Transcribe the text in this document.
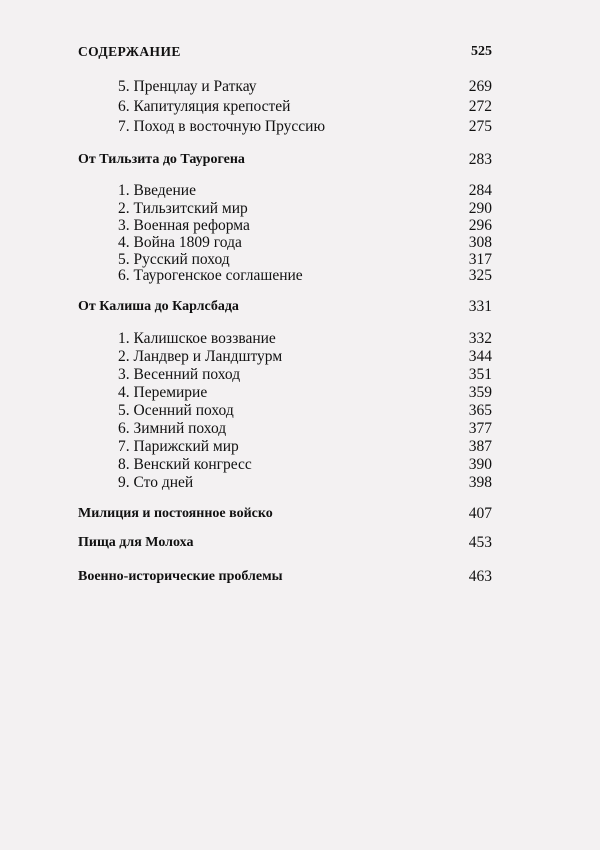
СОДЕРЖАНИЕ	525
5. Пренцлау и Раткау	269
6. Капитуляция крепостей	272
7. Поход в восточную Пруссию	275
От Тильзита до Таурогена	283
1. Введение	284
2. Тильзитский мир	290
3. Военная реформа	296
4. Война 1809 года	308
5. Русский поход	317
6. Таурогенское соглашение	325
От Калиша до Карлсбада	331
1. Калишское воззвание	332
2. Ландвер и Ландштурм	344
3. Весенний поход	351
4. Перемирие	359
5. Осенний поход	365
6. Зимний поход	377
7. Парижский мир	387
8. Венский конгресс	390
9. Сто дней	398
Милиция и постоянное войско	407
Пища для Молоха	453
Военно-исторические проблемы	463
